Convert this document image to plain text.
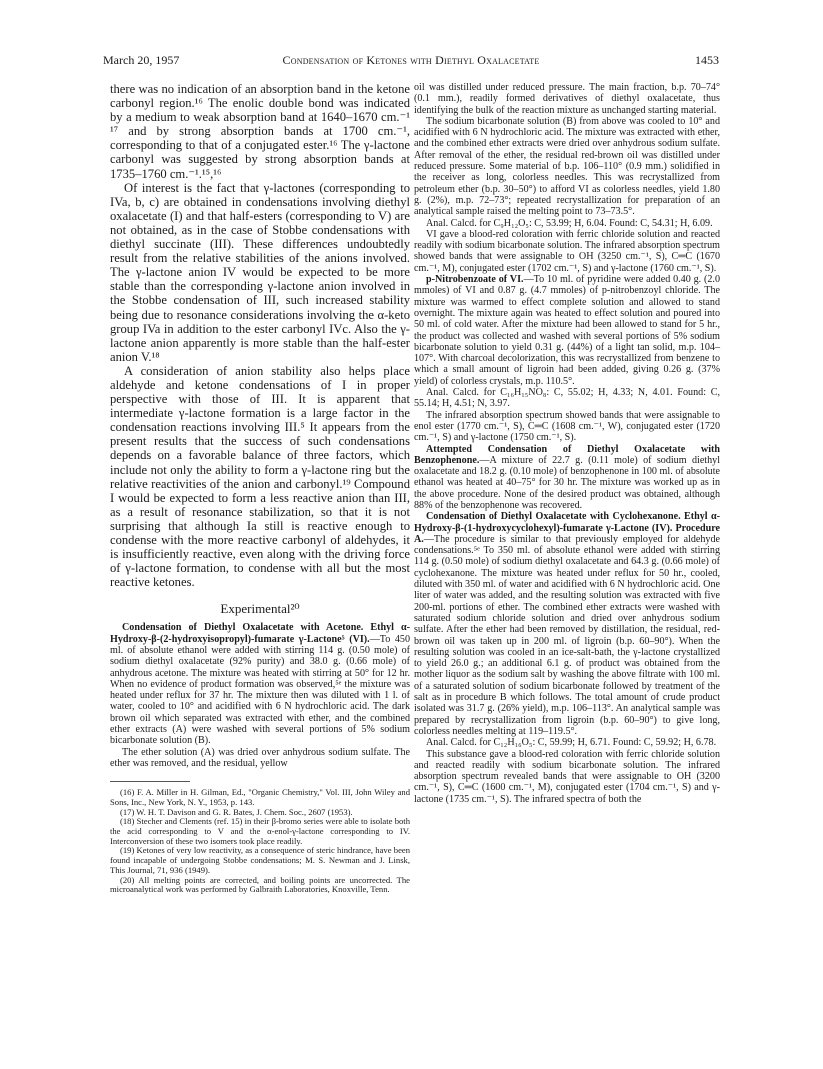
March 20, 1957	Condensation of Ketones with Diethyl Oxalacetate	1453

there was no indication of an absorption band in the ketone carbonyl region.¹⁶ The enolic double bond was indicated by a medium to weak absorption band at 1640–1670 cm.⁻¹ ¹⁷ and by strong absorption bands at 1700 cm.⁻¹, corresponding to that of a conjugated ester.¹⁶ The γ-lactone carbonyl was suggested by strong absorption bands at 1735–1760 cm.⁻¹.¹⁵,¹⁶

Of interest is the fact that γ-lactones (corresponding to IVa, b, c) are obtained in condensations involving diethyl oxalacetate (I) and that half-esters (corresponding to V) are not obtained, as in the case of Stobbe condensations with diethyl succinate (III). These differences undoubtedly result from the relative stabilities of the anions involved. The γ-lactone anion IV would be expected to be more stable than the corresponding γ-lactone anion involved in the Stobbe condensation of III, such increased stability being due to resonance considerations involving the α-keto group IVa in addition to the ester carbonyl IVc. Also the γ-lactone anion apparently is more stable than the half-ester anion V.¹⁸

A consideration of anion stability also helps place aldehyde and ketone condensations of I in proper perspective with those of III. It is apparent that intermediate γ-lactone formation is a large factor in the condensation reactions involving III.⁵ It appears from the present results that the success of such condensations depends on a favorable balance of three factors, which include not only the ability to form a γ-lactone ring but the relative reactivities of the anion and carbonyl.¹⁹ Compound I would be expected to form a less reactive anion than III, as a result of resonance stabilization, so that it is not surprising that although Ia still is reactive enough to condense with the more reactive carbonyl of aldehydes, it is insufficiently reactive, even along with the driving force of γ-lactone formation, to condense with all but the most reactive ketones.

Experimental²⁰

Condensation of Diethyl Oxalacetate with Acetone. Ethyl α-Hydroxy-β-(2-hydroxyisopropyl)-fumarate γ-Lactone⁵ (VI).—To 450 ml. of absolute ethanol were added with stirring 114 g. (0.50 mole) of sodium diethyl oxalacetate (92% purity) and 38.0 g. (0.66 mole) of anhydrous acetone. The mixture was heated with stirring at 50° for 12 hr. When no evidence of product formation was observed,⁵ᵉ the mixture was heated under reflux for 37 hr. The mixture then was diluted with 1 l. of water, cooled to 10° and acidified with 6 N hydrochloric acid. The dark brown oil which separated was extracted with ether, and the combined ether extracts (A) were washed with several portions of 5% sodium bicarbonate solution (B).

The ether solution (A) was dried over anhydrous sodium sulfate. The ether was removed, and the residual, yellow

(16) F. A. Miller in H. Gilman, Ed., "Organic Chemistry," Vol. III, John Wiley and Sons, Inc., New York, N. Y., 1953, p. 143.

(17) W. H. T. Davison and G. R. Bates, J. Chem. Soc., 2607 (1953).

(18) Stecher and Clements (ref. 15) in their β-bromo series were able to isolate both the acid corresponding to V and the α-enol-γ-lactone corresponding to IV. Interconversion of these two isomers took place readily.

(19) Ketones of very low reactivity, as a consequence of steric hindrance, have been found incapable of undergoing Stobbe condensations; M. S. Newman and J. Linsk, This Journal, 71, 936 (1949).

(20) All melting points are corrected, and boiling points are uncorrected. The microanalytical work was performed by Galbraith Laboratories, Knoxville, Tenn.

oil was distilled under reduced pressure. The main fraction, b.p. 70–74° (0.1 mm.), readily formed derivatives of diethyl oxalacetate, thus identifying the bulk of the reaction mixture as unchanged starting material.

The sodium bicarbonate solution (B) from above was cooled to 10° and acidified with 6 N hydrochloric acid. The mixture was extracted with ether, and the combined ether extracts were dried over anhydrous sodium sulfate. After removal of the ether, the residual red-brown oil was distilled under reduced pressure. Some material of b.p. 106–110° (0.9 mm.) solidified in the receiver as long, colorless needles. This was recrystallized from petroleum ether (b.p. 30–50°) to afford VI as colorless needles, yield 1.80 g. (2%), m.p. 72–73°; repeated recrystallization for preparation of an analytical sample raised the melting point to 73–73.5°.

Anal. Calcd. for C₉H₁₂O₅: C, 53.99; H, 6.04. Found: C, 54.31; H, 6.09.

VI gave a blood-red coloration with ferric chloride solution and reacted readily with sodium bicarbonate solution. The infrared absorption spectrum showed bands that were assignable to OH (3250 cm.⁻¹, S), C═C (1670 cm.⁻¹, M), conjugated ester (1702 cm.⁻¹, S) and γ-lactone (1760 cm.⁻¹, S).

p-Nitrobenzoate of VI.—To 10 ml. of pyridine were added 0.40 g. (2.0 mmoles) of VI and 0.87 g. (4.7 mmoles) of p-nitrobenzoyl chloride. The mixture was warmed to effect complete solution and allowed to stand overnight. The mixture again was heated to effect solution and poured into 50 ml. of cold water. After the mixture had been allowed to stand for 5 hr., the product was collected and washed with several portions of 5% sodium bicarbonate solution to yield 0.31 g. (44%) of a light tan solid, m.p. 104–107°. With charcoal decolorization, this was recrystallized from benzene to which a small amount of ligroin had been added, giving 0.26 g. (37% yield) of colorless crystals, m.p. 110.5°.

Anal. Calcd. for C₁₆H₁₅NO₈: C, 55.02; H, 4.33; N, 4.01. Found: C, 55.14; H, 4.51; N, 3.97.

The infrared absorption spectrum showed bands that were assignable to enol ester (1770 cm.⁻¹, S), C═C (1608 cm.⁻¹, W), conjugated ester (1720 cm.⁻¹, S) and γ-lactone (1750 cm.⁻¹, S).

Attempted Condensation of Diethyl Oxalacetate with Benzophenone.—A mixture of 22.7 g. (0.11 mole) of sodium diethyl oxalacetate and 18.2 g. (0.10 mole) of benzophenone in 100 ml. of absolute ethanol was heated at 40–75° for 30 hr. The mixture was worked up as in the above procedure. None of the desired product was obtained, although 88% of the benzophenone was recovered.

Condensation of Diethyl Oxalacetate with Cyclohexanone. Ethyl α-Hydroxy-β-(1-hydroxycyclohexyl)-fumarate γ-Lactone (IV). Procedure A.—The procedure is similar to that previously employed for aldehyde condensations.⁵ᵉ To 350 ml. of absolute ethanol were added with stirring 114 g. (0.50 mole) of sodium diethyl oxalacetate and 64.3 g. (0.66 mole) of cyclohexanone. The mixture was heated under reflux for 50 hr., cooled, diluted with 350 ml. of water and acidified with 6 N hydrochloric acid. One liter of water was added, and the resulting solution was extracted with five 200-ml. portions of ether. The combined ether extracts were washed with saturated sodium chloride solution and dried over anhydrous sodium sulfate. After the ether had been removed by distillation, the residual, red-brown oil was taken up in 200 ml. of ligroin (b.p. 60–90°). When the resulting solution was cooled in an ice-salt-bath, the γ-lactone crystallized to yield 26.0 g.; an additional 6.1 g. of product was obtained from the mother liquor as the sodium salt by washing the above filtrate with 100 ml. of a saturated solution of sodium bicarbonate followed by treatment of the salt as in procedure B which follows. The total amount of crude product isolated was 31.7 g. (26% yield), m.p. 106–113°. An analytical sample was prepared by recrystallization from ligroin (b.p. 60–90°) to give long, colorless needles melting at 119–119.5°.

Anal. Calcd. for C₁₂H₁₆O₅: C, 59.99; H, 6.71. Found: C, 59.92; H, 6.78.

This substance gave a blood-red coloration with ferric chloride solution and reacted readily with sodium bicarbonate solution. The infrared absorption spectrum revealed bands that were assignable to OH (3200 cm.⁻¹, S), C═C (1600 cm.⁻¹, M), conjugated ester (1704 cm.⁻¹, S) and γ-lactone (1735 cm.⁻¹, S). The infrared spectra of both the
